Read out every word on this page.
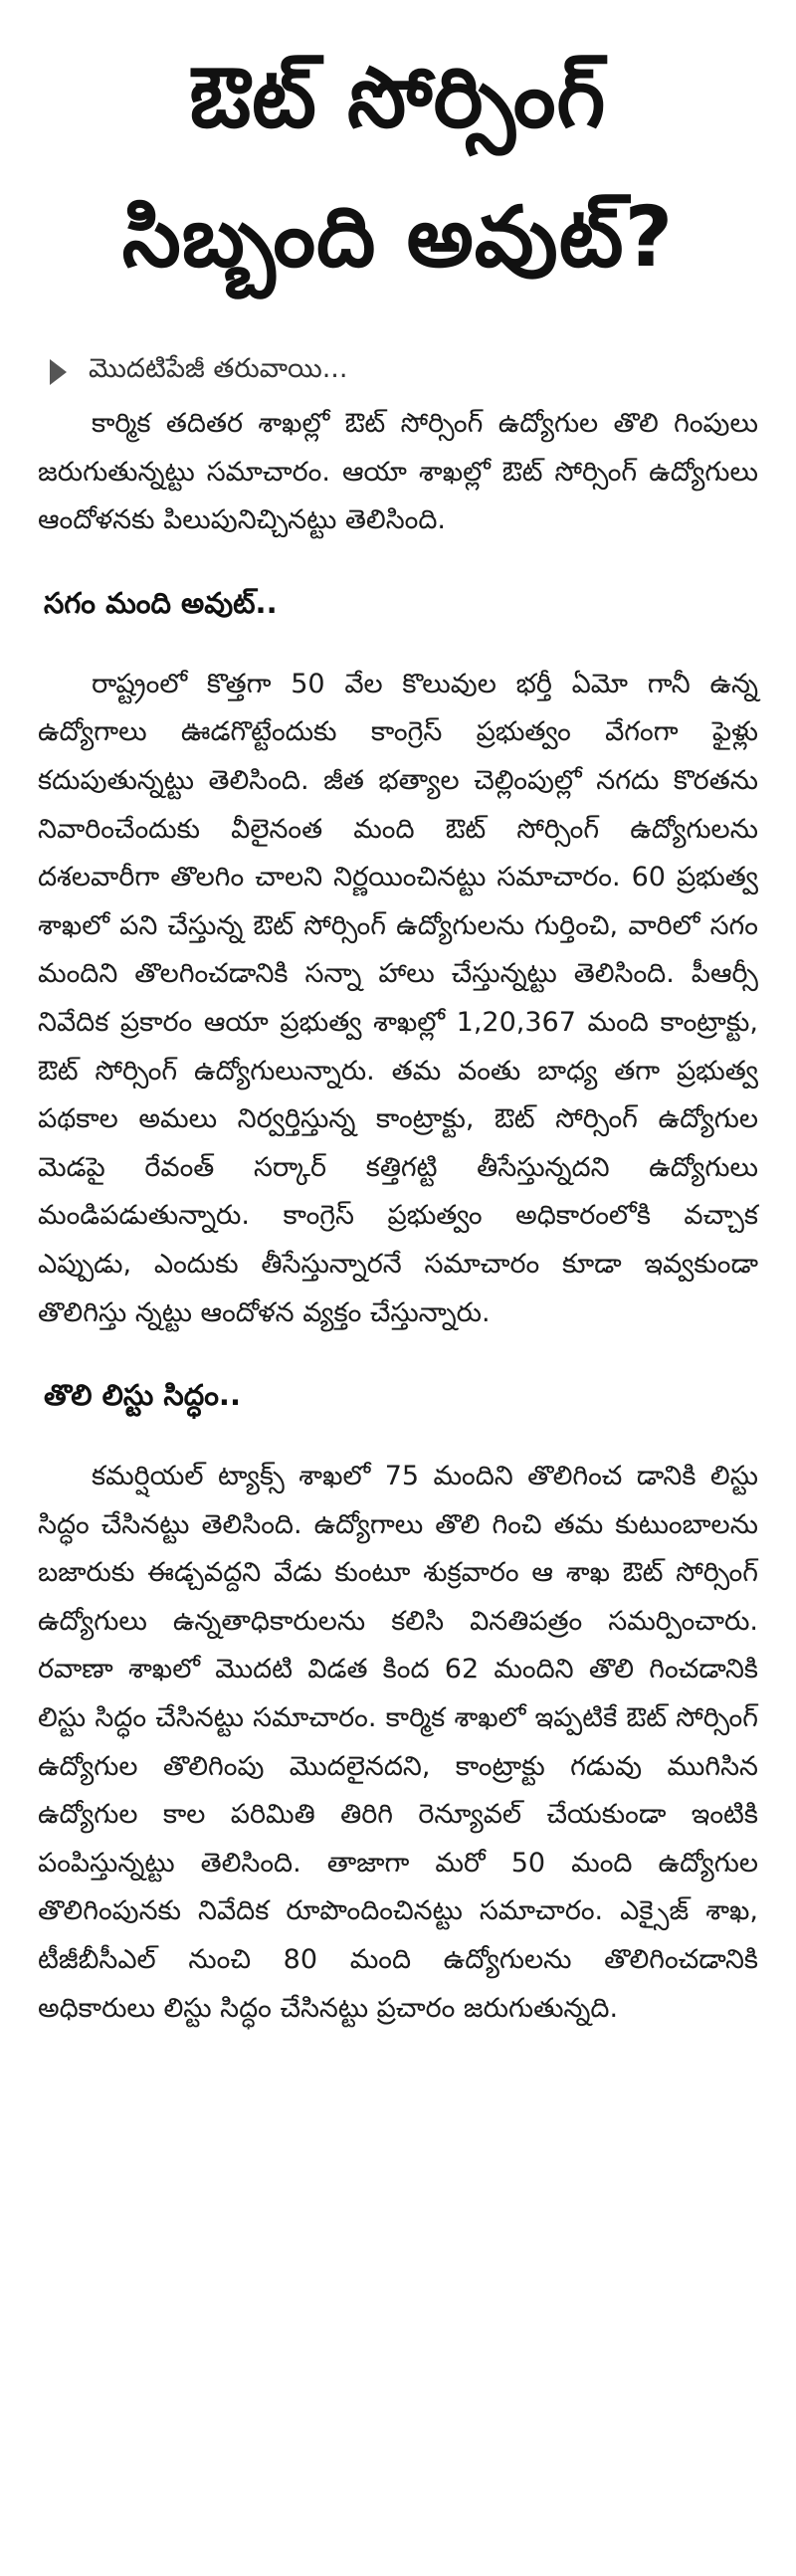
ఔట్ సోర్సింగ్
సిబ్బంది అవుట్?
మొదటిపేజీ తరువాయి...

కార్మిక తదితర శాఖల్లో ఔట్ సోర్సింగ్ ఉద్యోగుల తొలి గింపులు జరుగుతున్నట్టు సమాచారం. ఆయా శాఖల్లో ఔట్ సోర్సింగ్ ఉద్యోగులు ఆందోళనకు పిలుపునిచ్చినట్టు తెలిసింది.

సగం మంది అవుట్..

రాష్ట్రంలో కొత్తగా 50 వేల కొలువుల భర్తీ ఏమో గానీ ఉన్న ఉద్యోగాలు ఊడగొట్టేందుకు కాంగ్రెస్ ప్రభుత్వం వేగంగా ఫైళ్లు కదుపుతున్నట్టు తెలిసింది. జీత భత్యాల చెల్లింపుల్లో నగదు కొరతను నివారించేందుకు వీలైనంత మంది ఔట్ సోర్సింగ్ ఉద్యోగులను దశలవారీగా తొలగిం చాలని నిర్ణయించినట్టు సమాచారం. 60 ప్రభుత్వ శాఖలో పని చేస్తున్న ఔట్ సోర్సింగ్ ఉద్యోగులను గుర్తించి, వారిలో సగం మందిని తొలగించడానికి సన్నా హాలు చేస్తున్నట్టు తెలిసింది. పీఆర్సీ నివేదిక ప్రకారం ఆయా ప్రభుత్వ శాఖల్లో 1,20,367 మంది కాంట్రాక్టు, ఔట్ సోర్సింగ్ ఉద్యోగులున్నారు. తమ వంతు బాధ్య తగా ప్రభుత్వ పథకాల అమలు నిర్వర్తిస్తున్న కాంట్రాక్టు, ఔట్ సోర్సింగ్ ఉద్యోగుల మెడపై రేవంత్ సర్కార్ కత్తిగట్టి తీసేస్తున్నదని ఉద్యోగులు మండిపడుతున్నారు. కాంగ్రెస్ ప్రభుత్వం అధికారంలోకి వచ్చాక ఎప్పుడు, ఎందుకు తీసేస్తున్నారనే సమాచారం కూడా ఇవ్వకుండా తొలిగిస్తు న్నట్టు ఆందోళన వ్యక్తం చేస్తున్నారు.

తొలి లిస్టు సిద్ధం..

కమర్షియల్ ట్యాక్స్ శాఖలో 75 మందిని తొలిగించ డానికి లిస్టు సిద్ధం చేసినట్టు తెలిసింది. ఉద్యోగాలు తొలి గించి తమ కుటుంబాలను బజారుకు ఈడ్చవద్దని వేడు కుంటూ శుక్రవారం ఆ శాఖ ఔట్ సోర్సింగ్ ఉద్యోగులు ఉన్నతాధికారులను కలిసి వినతిపత్రం సమర్పించారు. రవాణా శాఖలో మొదటి విడత కింద 62 మందిని తొలి గించడానికి లిస్టు సిద్ధం చేసినట్టు సమాచారం. కార్మిక శాఖలో ఇప్పటికే ఔట్ సోర్సింగ్ ఉద్యోగుల తొలిగింపు మొదలైనదని, కాంట్రాక్టు గడువు ముగిసిన ఉద్యోగుల కాల పరిమితి తిరిగి రెన్యూవల్ చేయకుండా ఇంటికి పంపిస్తున్నట్టు తెలిసింది. తాజాగా మరో 50 మంది ఉద్యోగుల తొలిగింపునకు నివేదిక రూపొందించినట్టు సమాచారం. ఎక్సైజ్ శాఖ, టీజీబీసీఎల్ నుంచి 80 మంది ఉద్యోగులను తొలిగించడానికి అధికారులు లిస్టు సిద్ధం చేసినట్టు ప్రచారం జరుగుతున్నది.
